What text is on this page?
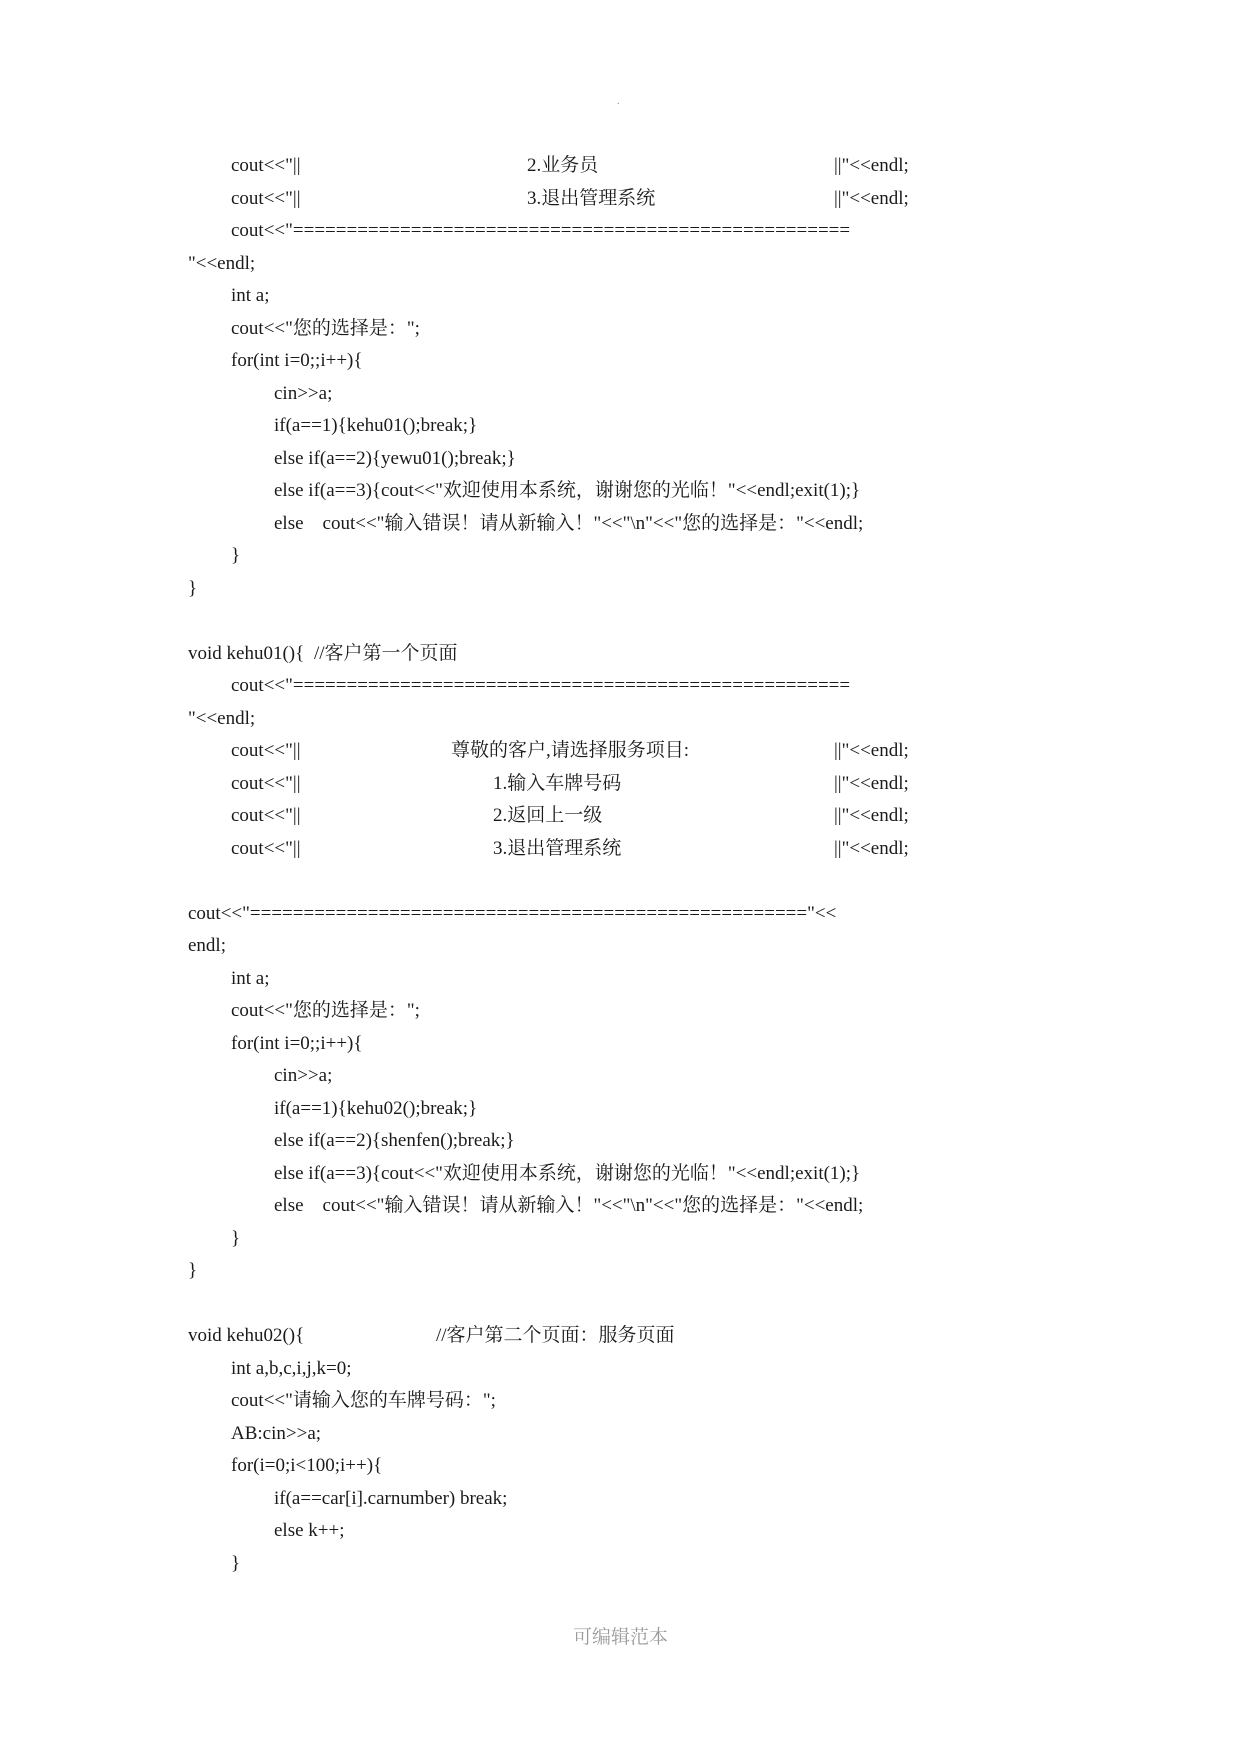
.
cout<<"||	2.业务员	||"<<endl;
cout<<"||	3.退出管理系统	||"<<endl;
cout<<"====================================================
"<<endl;
int a;
cout<<"您的选择是：";
for(int i=0;;i++){
cin>>a;
if(a==1){kehu01();break;}
else if(a==2){yewu01();break;}
else if(a==3){cout<<"欢迎使用本系统，谢谢您的光临！"<<endl;exit(1);}
else    cout<<"输入错误！请从新输入！"<<"\n"<<"您的选择是："<<endl;
}
}
void kehu01(){ //客户第一个页面
cout<<"====================================================
"<<endl;
cout<<"||	尊敬的客户,请选择服务项目:	||"<<endl;
cout<<"||	1.输入车牌号码	||"<<endl;
cout<<"||	2.返回上一级	||"<<endl;
cout<<"||	3.退出管理系统	||"<<endl;
cout<<"===================================================="<<
endl;
int a;
cout<<"您的选择是：";
for(int i=0;;i++){
cin>>a;
if(a==1){kehu02();break;}
else if(a==2){shenfen();break;}
else if(a==3){cout<<"欢迎使用本系统，谢谢您的光临！"<<endl;exit(1);}
else    cout<<"输入错误！请从新输入！"<<"\n"<<"您的选择是："<<endl;
}
}
void kehu02(){	//客户第二个页面：服务页面
int a,b,c,i,j,k=0;
cout<<"请输入您的车牌号码：";
AB:cin>>a;
for(i=0;i<100;i++){
if(a==car[i].carnumber) break;
else k++;
}
可编辑范本
